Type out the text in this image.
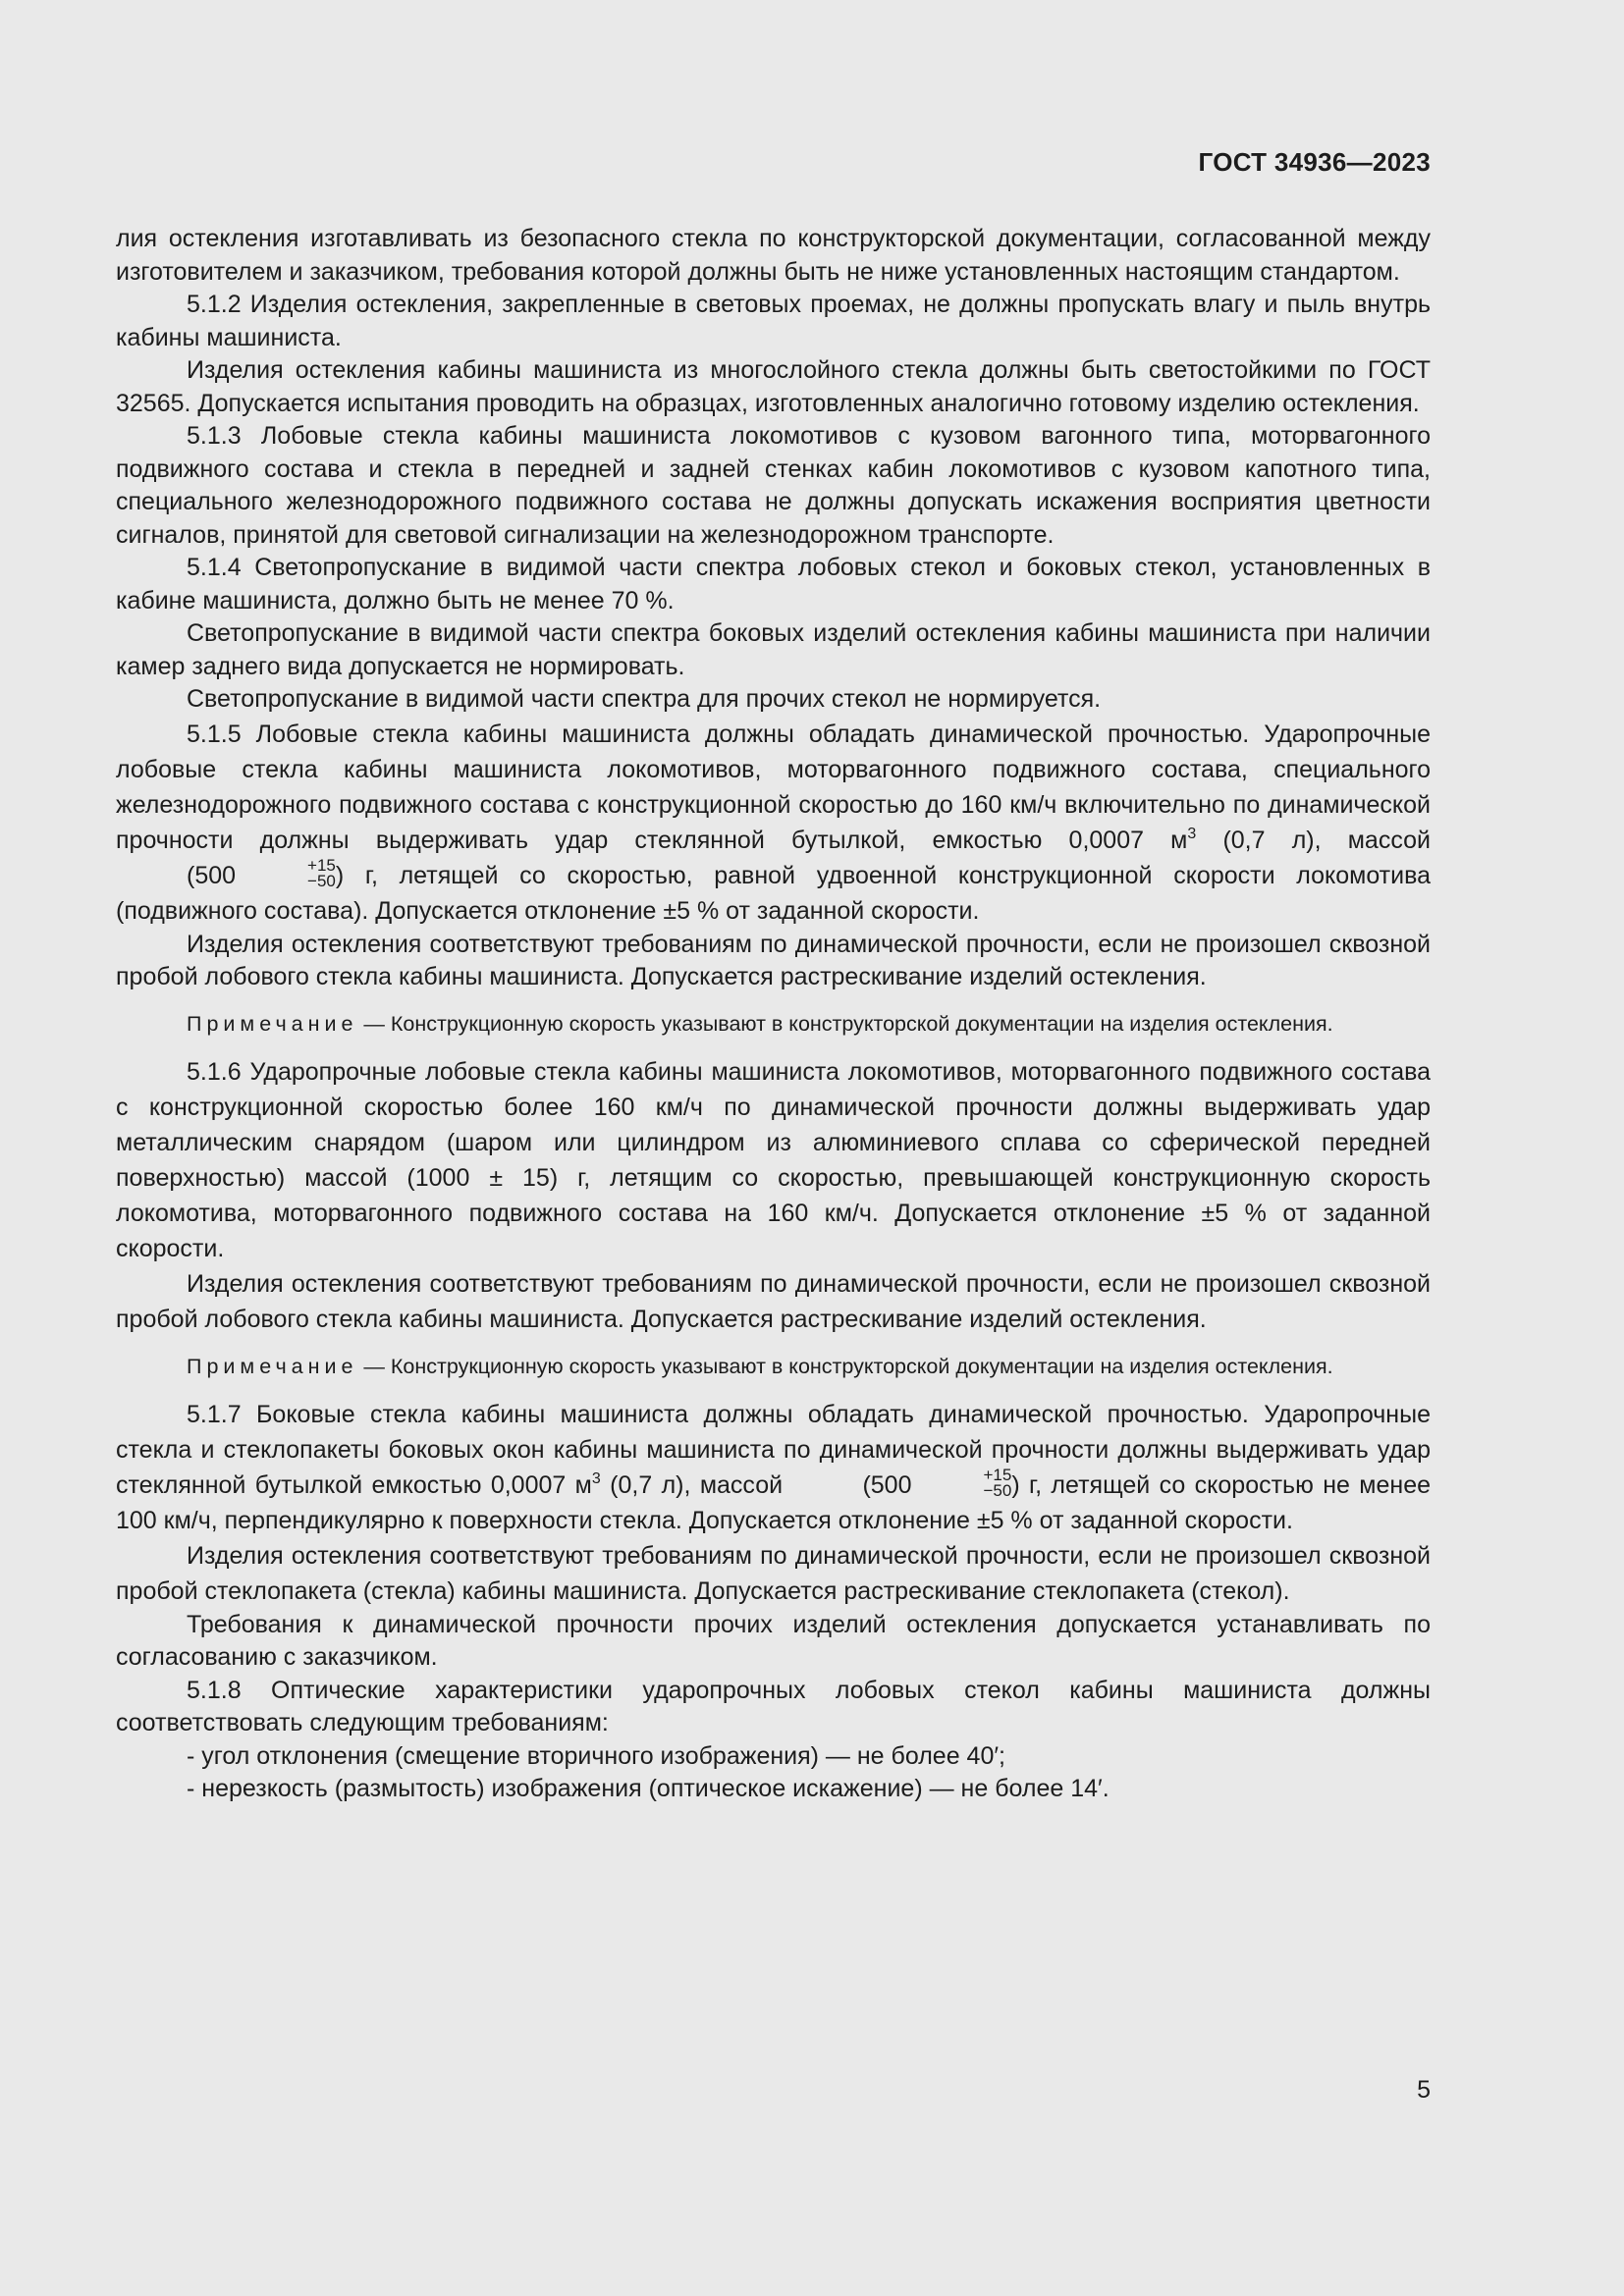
ГОСТ 34936—2023

лия остекления изготавливать из безопасного стекла по конструкторской документации, согласованной между изготовителем и заказчиком, требования которой должны быть не ниже установленных настоящим стандартом.

5.1.2 Изделия остекления, закрепленные в световых проемах, не должны пропускать влагу и пыль внутрь кабины машиниста.

Изделия остекления кабины машиниста из многослойного стекла должны быть светостойкими по ГОСТ 32565. Допускается испытания проводить на образцах, изготовленных аналогично готовому изделию остекления.

5.1.3 Лобовые стекла кабины машиниста локомотивов с кузовом вагонного типа, моторвагонного подвижного состава и стекла в передней и задней стенках кабин локомотивов с кузовом капотного типа, специального железнодорожного подвижного состава не должны допускать искажения восприятия цветности сигналов, принятой для световой сигнализации на железнодорожном транспорте.

5.1.4 Светопропускание в видимой части спектра лобовых стекол и боковых стекол, установленных в кабине машиниста, должно быть не менее 70 %.

Светопропускание в видимой части спектра боковых изделий остекления кабины машиниста при наличии камер заднего вида допускается не нормировать.

Светопропускание в видимой части спектра для прочих стекол не нормируется.

5.1.5 Лобовые стекла кабины машиниста должны обладать динамической прочностью. Ударопрочные лобовые стекла кабины машиниста локомотивов, моторвагонного подвижного состава, специального железнодорожного подвижного состава с конструкционной скоростью до 160 км/ч включительно по динамической прочности должны выдерживать удар стеклянной бутылкой, емкостью 0,0007 $м^3$ (0,7 л), массой (500	+15
−50 ) г, летящей со скоростью, равной удвоенной конструкционной скорости локомотива (подвижного состава). Допускается отклонение ±5 % от заданной скорости.

Изделия остекления соответствуют требованиям по динамической прочности, если не произошел сквозной пробой лобового стекла кабины машиниста. Допускается растрескивание изделий остекления.

Примечание — Конструкционную скорость указывают в конструкторской документации на изделия остекления.

5.1.6 Ударопрочные лобовые стекла кабины машиниста локомотивов, моторвагонного подвижного состава с конструкционной скоростью более 160 км/ч по динамической прочности должны выдерживать удар металлическим снарядом (шаром или цилиндром из алюминиевого сплава со сферической передней поверхностью) массой (1000 ± 15) г, летящим со скоростью, превышающей конструкционную скорость локомотива, моторвагонного подвижного состава на 160 км/ч. Допускается отклонение ±5 % от заданной скорости.

Изделия остекления соответствуют требованиям по динамической прочности, если не произошел сквозной пробой лобового стекла кабины машиниста. Допускается растрескивание изделий остекления.

Примечание — Конструкционную скорость указывают в конструкторской документации на изделия остекления.

5.1.7 Боковые стекла кабины машиниста должны обладать динамической прочностью. Ударопрочные стекла и стеклопакеты боковых окон кабины машиниста по динамической прочности должны выдерживать удар стеклянной бутылкой емкостью 0,0007 $м^3$ (0,7 л), массой	(500	+15
−50 ) г, летящей со скоростью не менее 100 км/ч, перпендикулярно к поверхности стекла. Допускается отклонение ±5 % от заданной скорости.

Изделия остекления соответствуют требованиям по динамической прочности, если не произошел сквозной пробой стеклопакета (стекла) кабины машиниста. Допускается растрескивание стеклопакета (стекол).

Требования к динамической прочности прочих изделий остекления допускается устанавливать по согласованию с заказчиком.

5.1.8 Оптические характеристики ударопрочных лобовых стекол кабины машиниста должны соответствовать следующим требованиям:

- угол отклонения (смещение вторичного изображения) — не более 40′;

- нерезкость (размытость) изображения (оптическое искажение) — не более 14′.

5
